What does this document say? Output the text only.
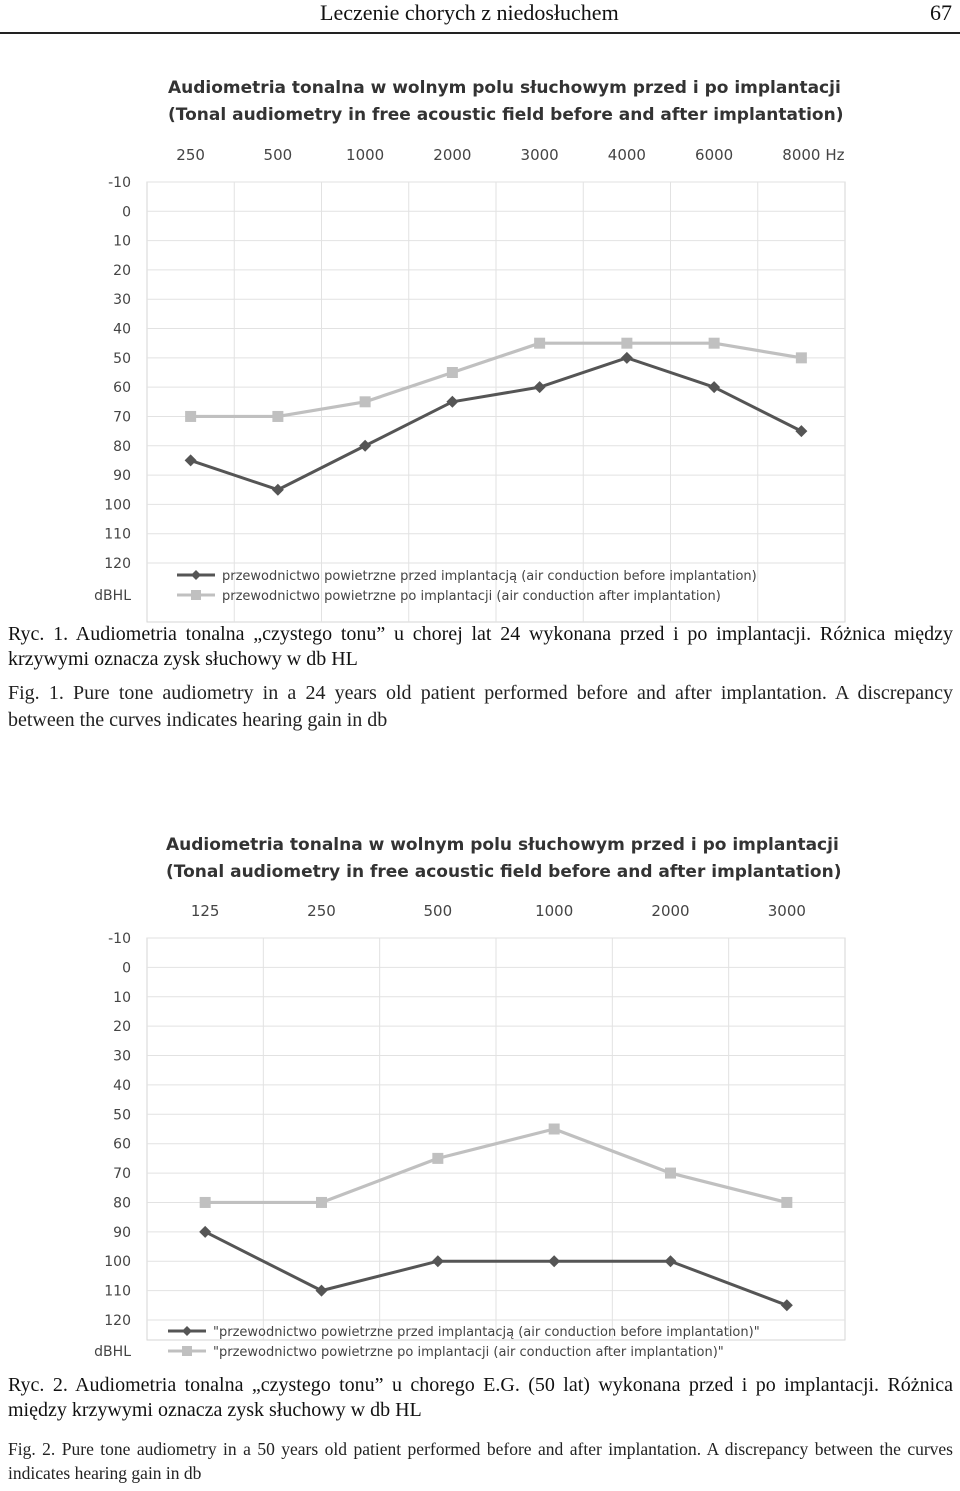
Leczenie chorych z niedosłuchem	67
Audiometria tonalna w wolnym polu słuchowym przed i po implantacji
(Tonal audiometry in free acoustic field before and after implantation)
-10
0
10
20
30
40
50
60
70
80
90
100
110
120
dBHL
250	500	1000	2000	3000	4000	6000	8000 Hz
przewodnictwo powietrzne przed implantacją (air conduction before implantation)
przewodnictwo powietrzne po implantacji (air conduction after implantation)
Ryc. 1. Audiometria tonalna „czystego tonu” u chorej lat 24 wykonana przed i po implantacji. Różnica między krzywymi oznacza zysk słuchowy w db HL
Fig. 1. Pure tone audiometry in a 24 years old patient performed before and after implantation. A discrepancy between the curves indicates hearing gain in db
Audiometria tonalna w wolnym polu słuchowym przed i po implantacji
(Tonal audiometry in free acoustic field before and after implantation)
-10
0
10
20
30
40
50
60
70
80
90
100
110
120
dBHL
125	250	500	1000	2000	3000
"przewodnictwo powietrzne przed implantacją (air conduction before implantation)"
"przewodnictwo powietrzne po implantacji (air conduction after implantation)"
Ryc. 2. Audiometria tonalna „czystego tonu” u chorego E.G. (50 lat) wykonana przed i po implantacji. Różnica między krzywymi oznacza zysk słuchowy w db HL
Fig. 2. Pure tone audiometry in a 50 years old patient performed before and after implantation. A discrepancy between the curves indicates hearing gain in db
